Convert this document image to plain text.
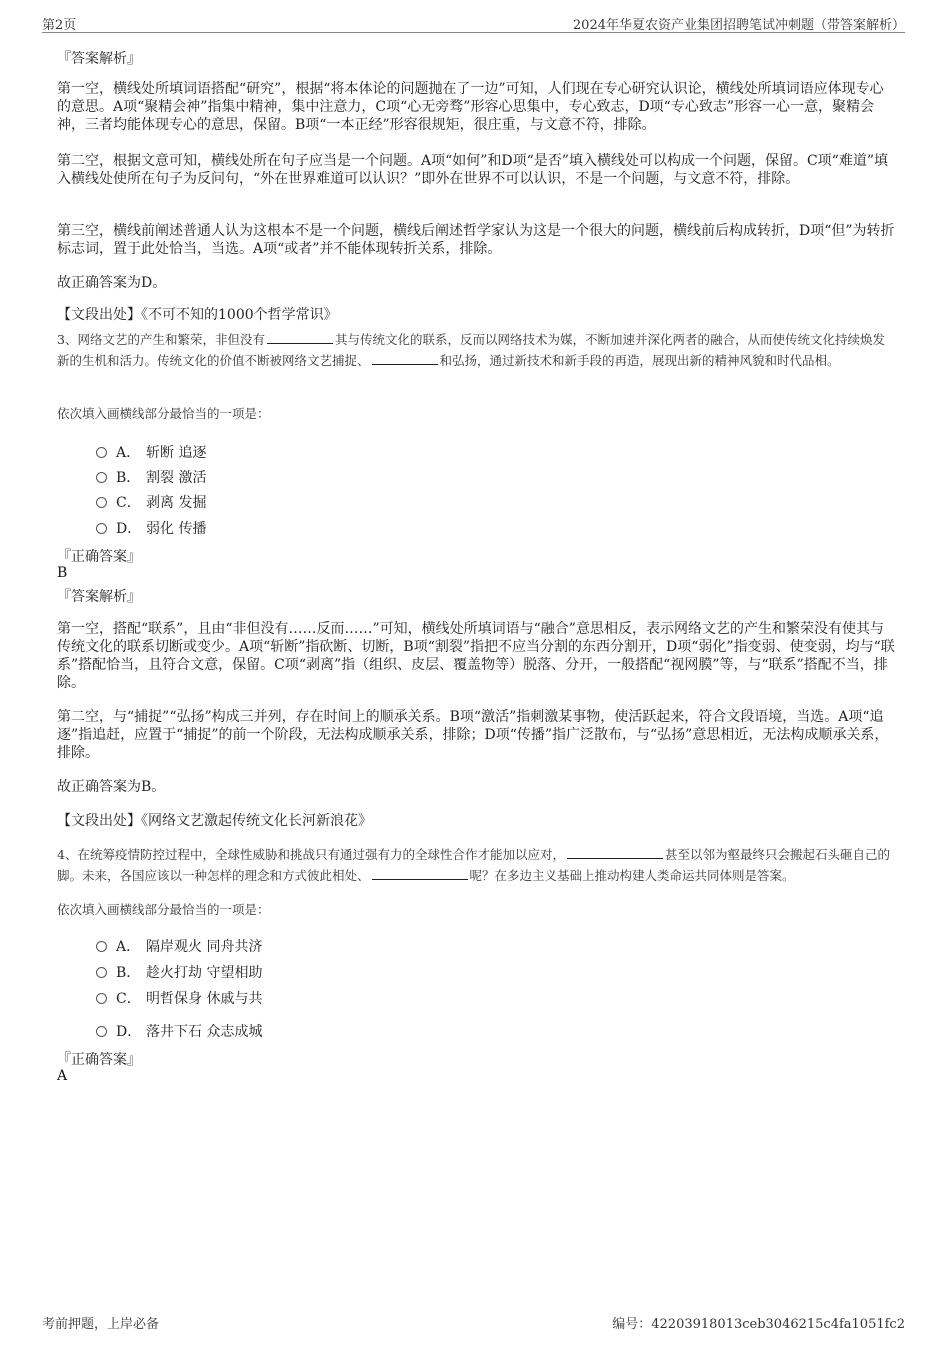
第2页	2024年华夏农资产业集团招聘笔试冲刺题（带答案解析）
『答案解析』
第一空，横线处所填词语搭配“研究”，根据“将本体论的问题抛在了一边”可知，人们现在专心研究认识论，横线处所填词语应体现专心的意思。A项“聚精会神”指集中精神，集中注意力，C项“心无旁骛”形容心思集中，专心致志，D项“专心致志”形容一心一意，聚精会神，三者均能体现专心的意思，保留。B项“一本正经”形容很规矩，很庄重，与文意不符，排除。
第二空，根据文意可知，横线处所在句子应当是一个问题。A项“如何”和D项“是否”填入横线处可以构成一个问题，保留。C项“难道”填入横线处使所在句子为反问句，“外在世界难道可以认识？”即外在世界不可以认识，不是一个问题，与文意不符，排除。
第三空，横线前阐述普通人认为这根本不是一个问题，横线后阐述哲学家认为这是一个很大的问题，横线前后构成转折，D项“但”为转折标志词，置于此处恰当，当选。A项“或者”并不能体现转折关系，排除。
故正确答案为D。
【文段出处】《不可不知的1000个哲学常识》
3、网络文艺的产生和繁荣，非但没有	其与传统文化的联系，反而以网络技术为媒，不断加速并深化两者的融合，从而使传统文化持续焕发新的生机和活力。传统文化的价值不断被网络文艺捕捉、	和弘扬，通过新技术和新手段的再造，展现出新的精神风貌和时代品相。
依次填入画横线部分最恰当的一项是：
A． 斩断 追逐
B． 割裂 激活
C． 剥离 发掘
D． 弱化 传播
『正确答案』
B
『答案解析』
第一空，搭配“联系”，且由“非但没有……反而……”可知，横线处所填词语与“融合”意思相反，表示网络文艺的产生和繁荣没有使其与传统文化的联系切断或变少。A项“斩断”指砍断、切断，B项“割裂”指把不应当分割的东西分割开，D项“弱化”指变弱、使变弱，均与“联系”搭配恰当，且符合文意，保留。C项“剥离”指（组织、皮层、覆盖物等）脱落、分开，一般搭配“视网膜”等，与“联系”搭配不当，排除。
第二空，与“捕捉”“弘扬”构成三并列，存在时间上的顺承关系。B项“激活”指刺激某事物，使活跃起来，符合文段语境，当选。A项“追逐”指追赶，应置于“捕捉”的前一个阶段，无法构成顺承关系，排除；D项“传播”指广泛散布，与“弘扬”意思相近，无法构成顺承关系，排除。
故正确答案为B。
【文段出处】《网络文艺激起传统文化长河新浪花》
4、在统筹疫情防控过程中，全球性威胁和挑战只有通过强有力的全球性合作才能加以应对，	甚至以邻为壑最终只会搬起石头砸自己的脚。未来，各国应该以一种怎样的理念和方式彼此相处、	呢？在多边主义基础上推动构建人类命运共同体则是答案。
依次填入画横线部分最恰当的一项是：
A． 隔岸观火 同舟共济
B． 趁火打劫 守望相助
C． 明哲保身 休戚与共
D． 落井下石 众志成城
『正确答案』
A
考前押题，上岸必备	编号：42203918013ceb3046215c4fa1051fc2
